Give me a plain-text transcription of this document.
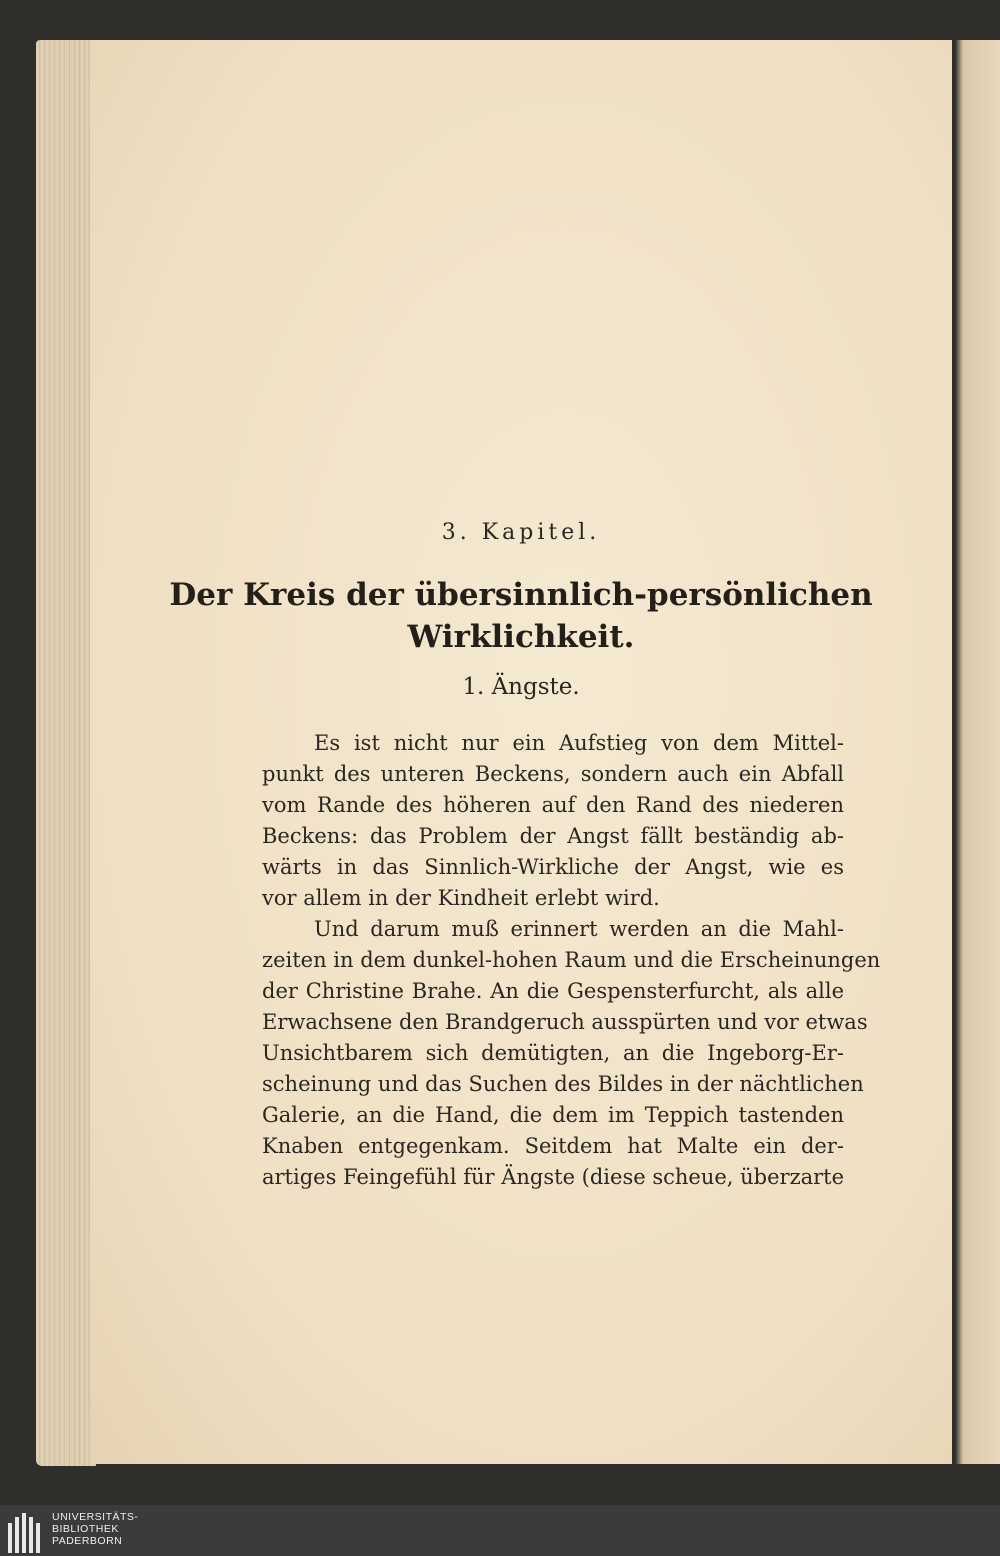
3. Kapitel.
Der Kreis der übersinnlich-persönlichen
Wirklichkeit.
1. Ängste.
Es ist nicht nur ein Aufstieg von dem Mittel-
punkt des unteren Beckens, sondern auch ein Abfall
vom Rande des höheren auf den Rand des niederen
Beckens: das Problem der Angst fällt beständig ab-
wärts in das Sinnlich-Wirkliche der Angst, wie es
vor allem in der Kindheit erlebt wird.
Und darum muß erinnert werden an die Mahl-
zeiten in dem dunkel-hohen Raum und die Erscheinungen
der Christine Brahe. An die Gespensterfurcht, als alle
Erwachsene den Brandgeruch ausspürten und vor etwas
Unsichtbarem sich demütigten, an die Ingeborg-Er-
scheinung und das Suchen des Bildes in der nächtlichen
Galerie, an die Hand, die dem im Teppich tastenden
Knaben entgegenkam. Seitdem hat Malte ein der-
artiges Feingefühl für Ängste (diese scheue, überzarte
UNIVERSITÄTS-
BIBLIOTHEK
PADERBORN
